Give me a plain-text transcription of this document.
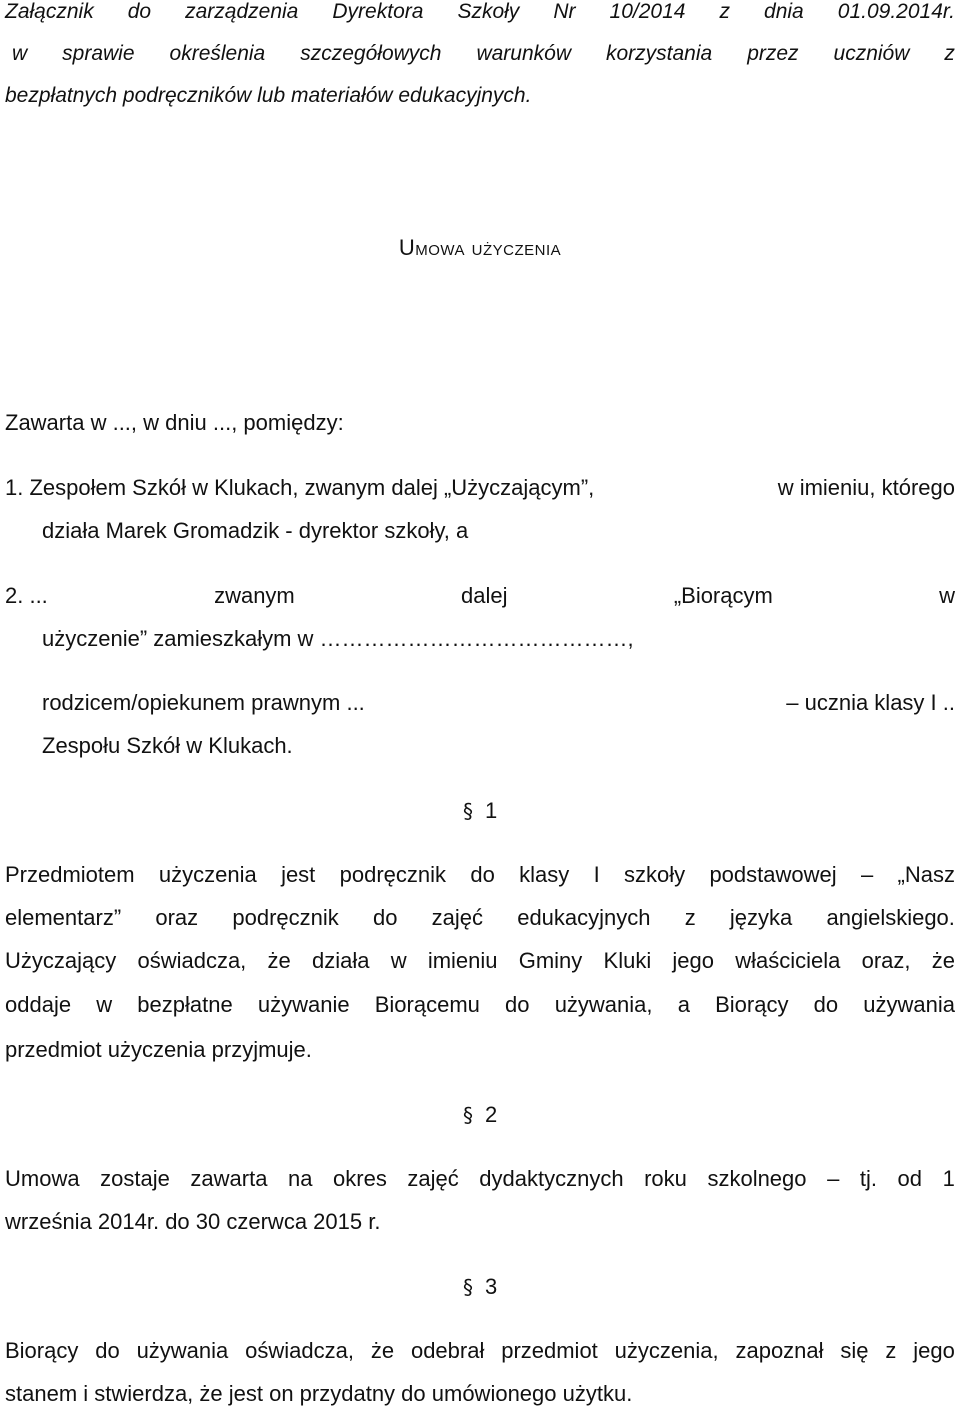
Załącznik do zarządzenia Dyrektora Szkoły Nr 10/2014 z dnia 01.09.2014r.
w sprawie określenia szczegółowych warunków korzystania przez uczniów z
bezpłatnych podręczników lub materiałów edukacyjnych.
Umowa użyczenia
Zawarta w ..., w dniu ..., pomiędzy:
1. Zespołem Szkół w Klukach, zwanym dalej „Użyczającym”,	w imieniu, którego
działa Marek Gromadzik - dyrektor szkoły, a
2. ...	zwanym	dalej	„Biorącym	w
użyczenie” zamieszkałym w ……………………………………,
rodzicem/opiekunem prawnym ...	– ucznia klasy I ..
Zespołu Szkół w Klukach.
§ 1
Przedmiotem użyczenia jest podręcznik do klasy I szkoły podstawowej – „Nasz
elementarz” oraz podręcznik do zajęć edukacyjnych z języka angielskiego.
Użyczający oświadcza, że działa w imieniu Gminy Kluki jego właściciela oraz, że
oddaje w bezpłatne używanie Biorącemu do używania, a Biorący do używania
przedmiot użyczenia przyjmuje.
§ 2
Umowa zostaje zawarta na okres zajęć dydaktycznych roku szkolnego – tj. od 1
września 2014r. do 30 czerwca 2015 r.
§ 3
Biorący do używania oświadcza, że odebrał przedmiot użyczenia, zapoznał się z jego
stanem i stwierdza, że jest on przydatny do umówionego użytku.
